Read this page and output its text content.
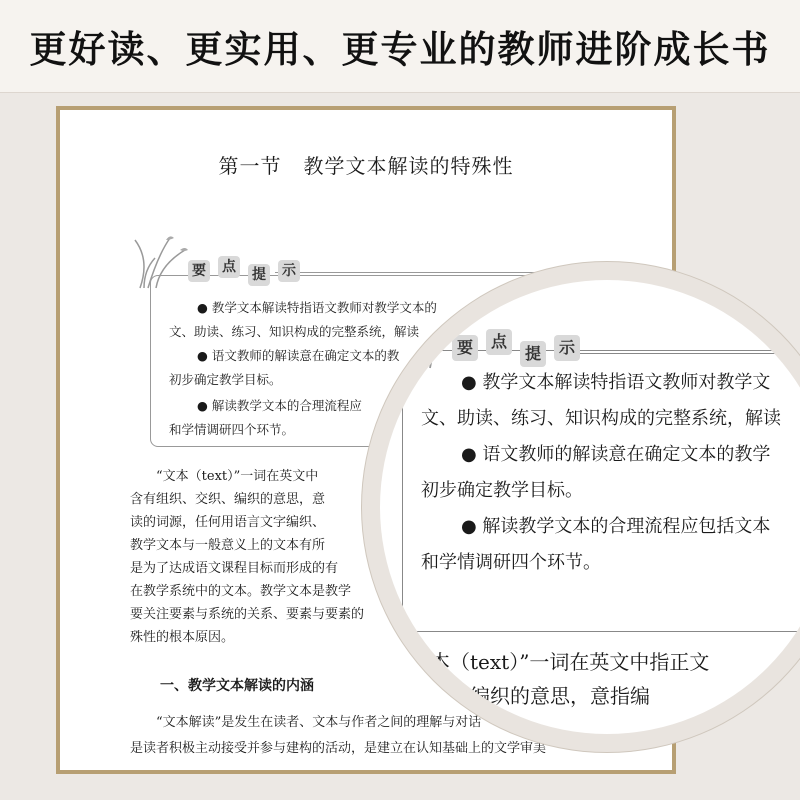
更好读、更实用、更专业的教师进阶成长书
第一节   教学文本解读的特殊性
要 点 提 示
● 教学文本解读特指语文教师对教学文本的
文、助读、练习、知识构成的完整系统，解读
● 语文教师的解读意在确定文本的教
初步确定教学目标。
● 解读教学文本的合理流程应
和学情调研四个环节。

“文本（text）”一词在英文中

含有组织、交织、编织的意思，意

读的词源，任何用语言文字编织、

教学文本与一般意义上的文本有所

是为了达成语文课程目标而形成的有

在教学系统中的文本。教学文本是教学

要关注要素与系统的关系、要素与要素的

殊性的根本原因。

一、教学文本解读的内涵

“文本解读”是发生在读者、文本与作者之间的理解与对话

是读者积极主动接受并参与建构的活动，是建立在认知基础上的文学审美

要	点
提	示
● 教学文本解读特指语文教师对教学文
文、助读、练习、知识构成的完整系统，解读
● 语文教师的解读意在确定文本的教学
初步确定教学目标。
● 解读教学文本的合理流程应包括文本
和学情调研四个环节。

文本（text）”一词在英文中指正文

交织、编织的意思，意指编
